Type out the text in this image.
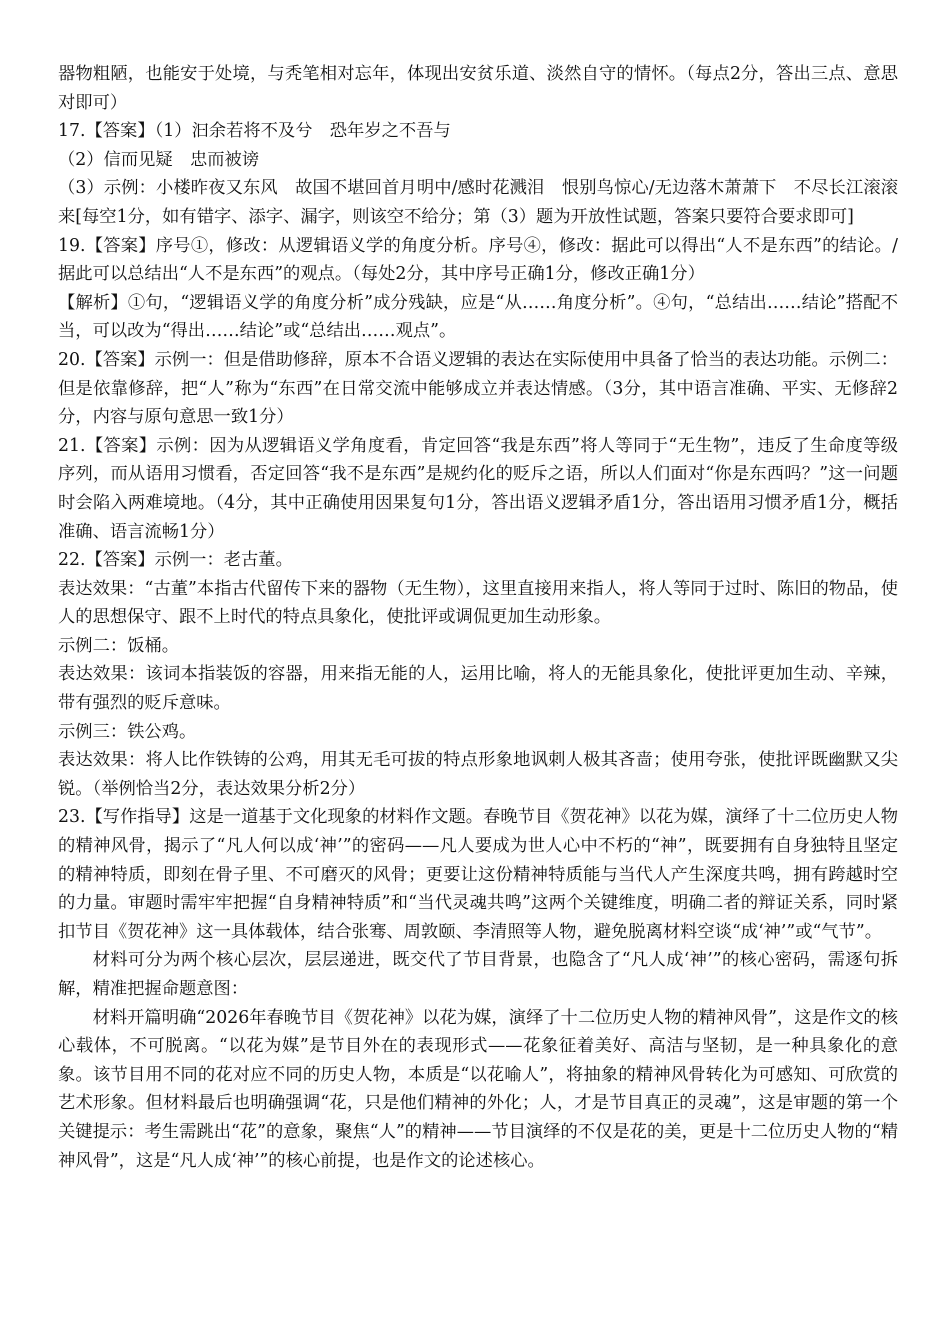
器物粗陋，也能安于处境，与秃笔相对忘年，体现出安贫乐道、淡然自守的情怀。（每点2分，答出三点、意思对即可）

17.【答案】（1）汩余若将不及兮　恐年岁之不吾与

（2）信而见疑　忠而被谤

（3）示例：小楼昨夜又东风　故国不堪回首月明中/感时花溅泪　恨别鸟惊心/无边落木萧萧下　不尽长江滚滚来[每空1分，如有错字、添字、漏字，则该空不给分；第（3）题为开放性试题，答案只要符合要求即可]

19.【答案】序号①，修改：从逻辑语义学的角度分析。序号④，修改：据此可以得出“人不是东西”的结论。/据此可以总结出“人不是东西”的观点。（每处2分，其中序号正确1分，修改正确1分）

【解析】①句，“逻辑语义学的角度分析”成分残缺，应是“从……角度分析”。④句，“总结出……结论”搭配不当，可以改为“得出……结论”或“总结出……观点”。

20.【答案】示例一：但是借助修辞，原本不合语义逻辑的表达在实际使用中具备了恰当的表达功能。示例二：但是依靠修辞，把“人”称为“东西”在日常交流中能够成立并表达情感。（3分，其中语言准确、平实、无修辞2分，内容与原句意思一致1分）

21.【答案】示例：因为从逻辑语义学角度看，肯定回答“我是东西”将人等同于“无生物”，违反了生命度等级序列，而从语用习惯看，否定回答“我不是东西”是规约化的贬斥之语，所以人们面对“你是东西吗？”这一问题时会陷入两难境地。（4分，其中正确使用因果复句1分，答出语义逻辑矛盾1分，答出语用习惯矛盾1分，概括准确、语言流畅1分）

22.【答案】示例一：老古董。

表达效果：“古董”本指古代留传下来的器物（无生物），这里直接用来指人，将人等同于过时、陈旧的物品，使人的思想保守、跟不上时代的特点具象化，使批评或调侃更加生动形象。

示例二：饭桶。

表达效果：该词本指装饭的容器，用来指无能的人，运用比喻，将人的无能具象化，使批评更加生动、辛辣，带有强烈的贬斥意味。

示例三：铁公鸡。

表达效果：将人比作铁铸的公鸡，用其无毛可拔的特点形象地讽刺人极其吝啬；使用夸张，使批评既幽默又尖锐。（举例恰当2分，表达效果分析2分）

23.【写作指导】这是一道基于文化现象的材料作文题。春晚节目《贺花神》以花为媒，演绎了十二位历史人物的精神风骨，揭示了“凡人何以成‘神’”的密码——凡人要成为世人心中不朽的“神”，既要拥有自身独特且坚定的精神特质，即刻在骨子里、不可磨灭的风骨；更要让这份精神特质能与当代人产生深度共鸣，拥有跨越时空的力量。审题时需牢牢把握“自身精神特质”和“当代灵魂共鸣”这两个关键维度，明确二者的辩证关系，同时紧扣节目《贺花神》这一具体载体，结合张骞、周敦颐、李清照等人物，避免脱离材料空谈“成‘神’”或“气节”。

材料可分为两个核心层次，层层递进，既交代了节目背景，也隐含了“凡人成‘神’”的核心密码，需逐句拆解，精准把握命题意图：

材料开篇明确“2026年春晚节目《贺花神》以花为媒，演绎了十二位历史人物的精神风骨”，这是作文的核心载体，不可脱离。“以花为媒”是节目外在的表现形式——花象征着美好、高洁与坚韧，是一种具象化的意象。该节目用不同的花对应不同的历史人物，本质是“以花喻人”，将抽象的精神风骨转化为可感知、可欣赏的艺术形象。但材料最后也明确强调“花，只是他们精神的外化；人，才是节目真正的灵魂”，这是审题的第一个关键提示：考生需跳出“花”的意象，聚焦“人”的精神——节目演绎的不仅是花的美，更是十二位历史人物的“精神风骨”，这是“凡人成‘神’”的核心前提，也是作文的论述核心。
